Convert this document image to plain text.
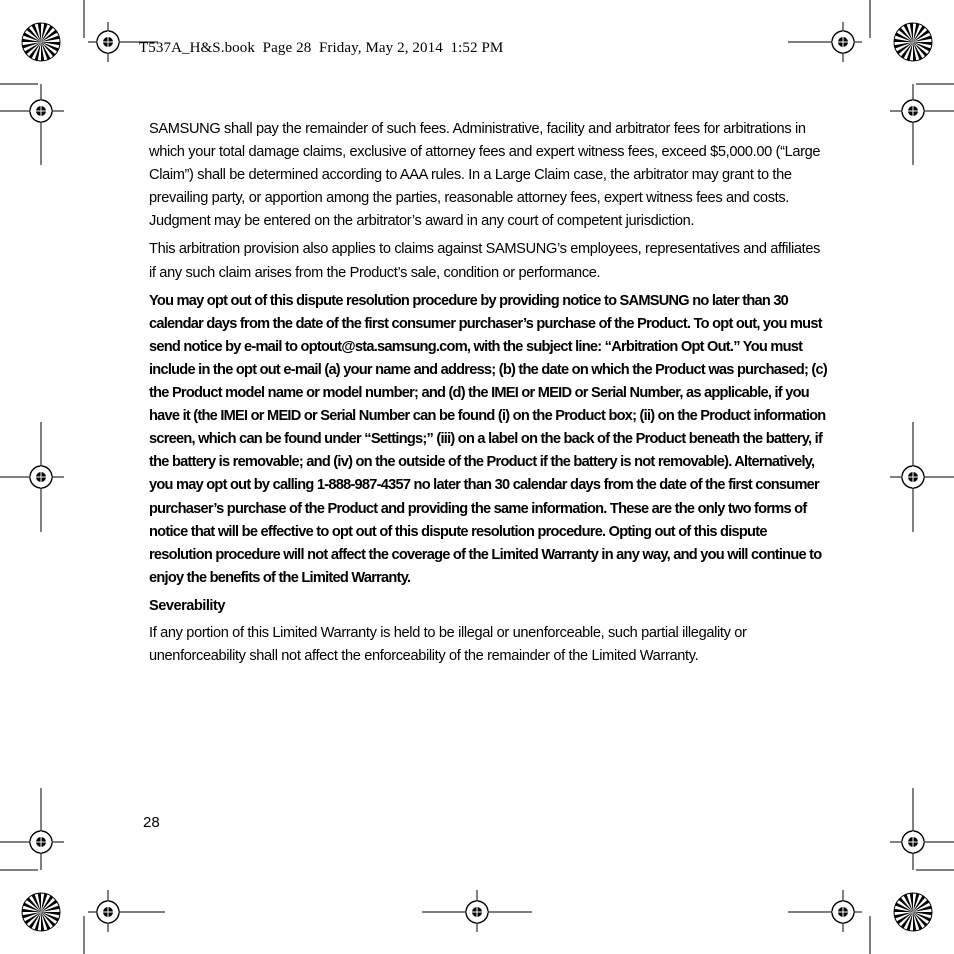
T537A_H&S.book  Page 28  Friday, May 2, 2014  1:52 PM

SAMSUNG shall pay the remainder of such fees. Administrative, facility and arbitrator fees for arbitrations in which your total damage claims, exclusive of attorney fees and expert witness fees, exceed $5,000.00 (“Large Claim”) shall be determined according to AAA rules. In a Large Claim case, the arbitrator may grant to the prevailing party, or apportion among the parties, reasonable attorney fees, expert witness fees and costs. Judgment may be entered on the arbitrator’s award in any court of competent jurisdiction.

This arbitration provision also applies to claims against SAMSUNG’s employees, representatives and affiliates if any such claim arises from the Product’s sale, condition or performance.

You may opt out of this dispute resolution procedure by providing notice to SAMSUNG no later than 30 calendar days from the date of the first consumer purchaser’s purchase of the Product. To opt out, you must send notice by e-mail to optout@sta.samsung.com, with the subject line: “Arbitration Opt Out.” You must include in the opt out e-mail (a) your name and address; (b) the date on which the Product was purchased; (c) the Product model name or model number; and (d) the IMEI or MEID or Serial Number, as applicable, if you have it (the IMEI or MEID or Serial Number can be found (i) on the Product box; (ii) on the Product information screen, which can be found under “Settings;” (iii) on a label on the back of the Product beneath the battery, if the battery is removable; and (iv) on the outside of the Product if the battery is not removable). Alternatively, you may opt out by calling 1-888-987-4357 no later than 30 calendar days from the date of the first consumer purchaser’s purchase of the Product and providing the same information. These are the only two forms of notice that will be effective to opt out of this dispute resolution procedure. Opting out of this dispute resolution procedure will not affect the coverage of the Limited Warranty in any way, and you will continue to enjoy the benefits of the Limited Warranty.

Severability

If any portion of this Limited Warranty is held to be illegal or unenforceable, such partial illegality or unenforceability shall not affect the enforceability of the remainder of the Limited Warranty.

28
